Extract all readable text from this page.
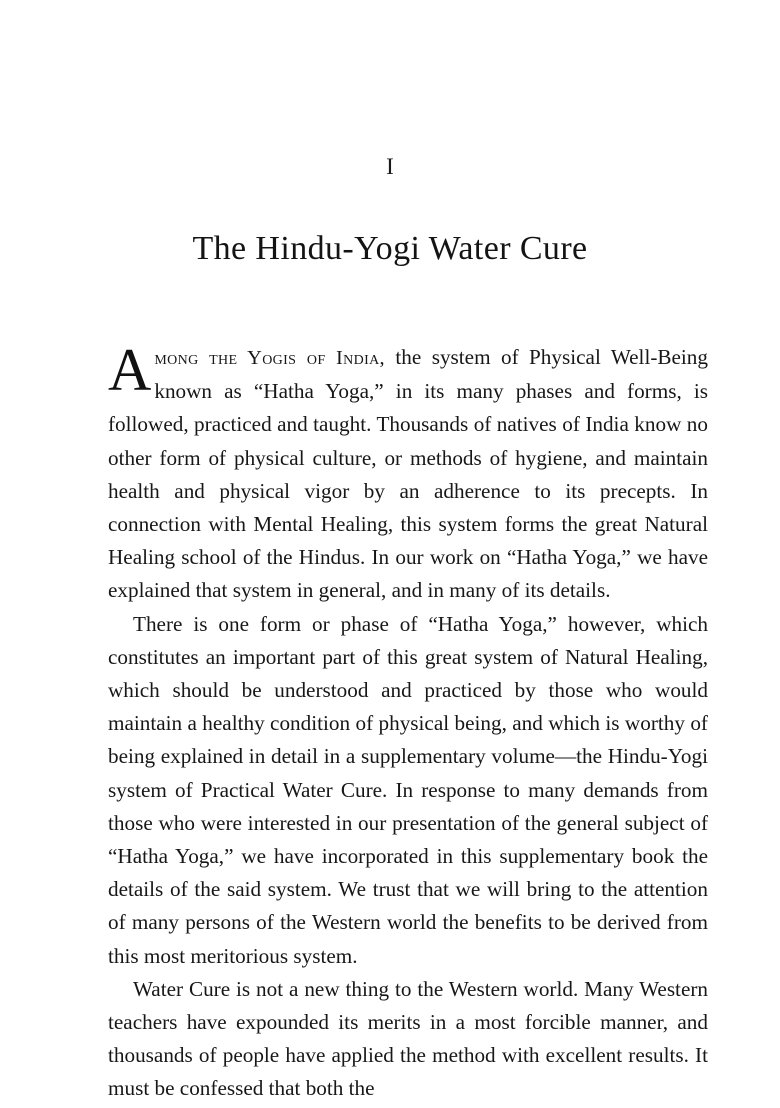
I
The Hindu-Yogi Water Cure

Among the Yogis of India, the system of Physical Well-Being known as “Hatha Yoga,” in its many phases and forms, is followed, practiced and taught. Thousands of natives of India know no other form of physical culture, or methods of hygiene, and maintain health and physical vigor by an adherence to its precepts. In connection with Mental Healing, this system forms the great Natural Healing school of the Hindus. In our work on “Hatha Yoga,” we have explained that system in general, and in many of its details.

There is one form or phase of “Hatha Yoga,” however, which constitutes an important part of this great system of Natural Healing, which should be understood and practiced by those who would maintain a healthy condition of physical being, and which is worthy of being explained in detail in a supplementary volume—the Hindu-Yogi system of Practical Water Cure. In response to many demands from those who were interested in our presentation of the general subject of “Hatha Yoga,” we have incorporated in this supplementary book the details of the said system. We trust that we will bring to the attention of many persons of the Western world the benefits to be derived from this most meritorious system.

Water Cure is not a new thing to the Western world. Many Western teachers have expounded its merits in a most forcible manner, and thousands of people have applied the method with excellent results. It must be confessed that both the
